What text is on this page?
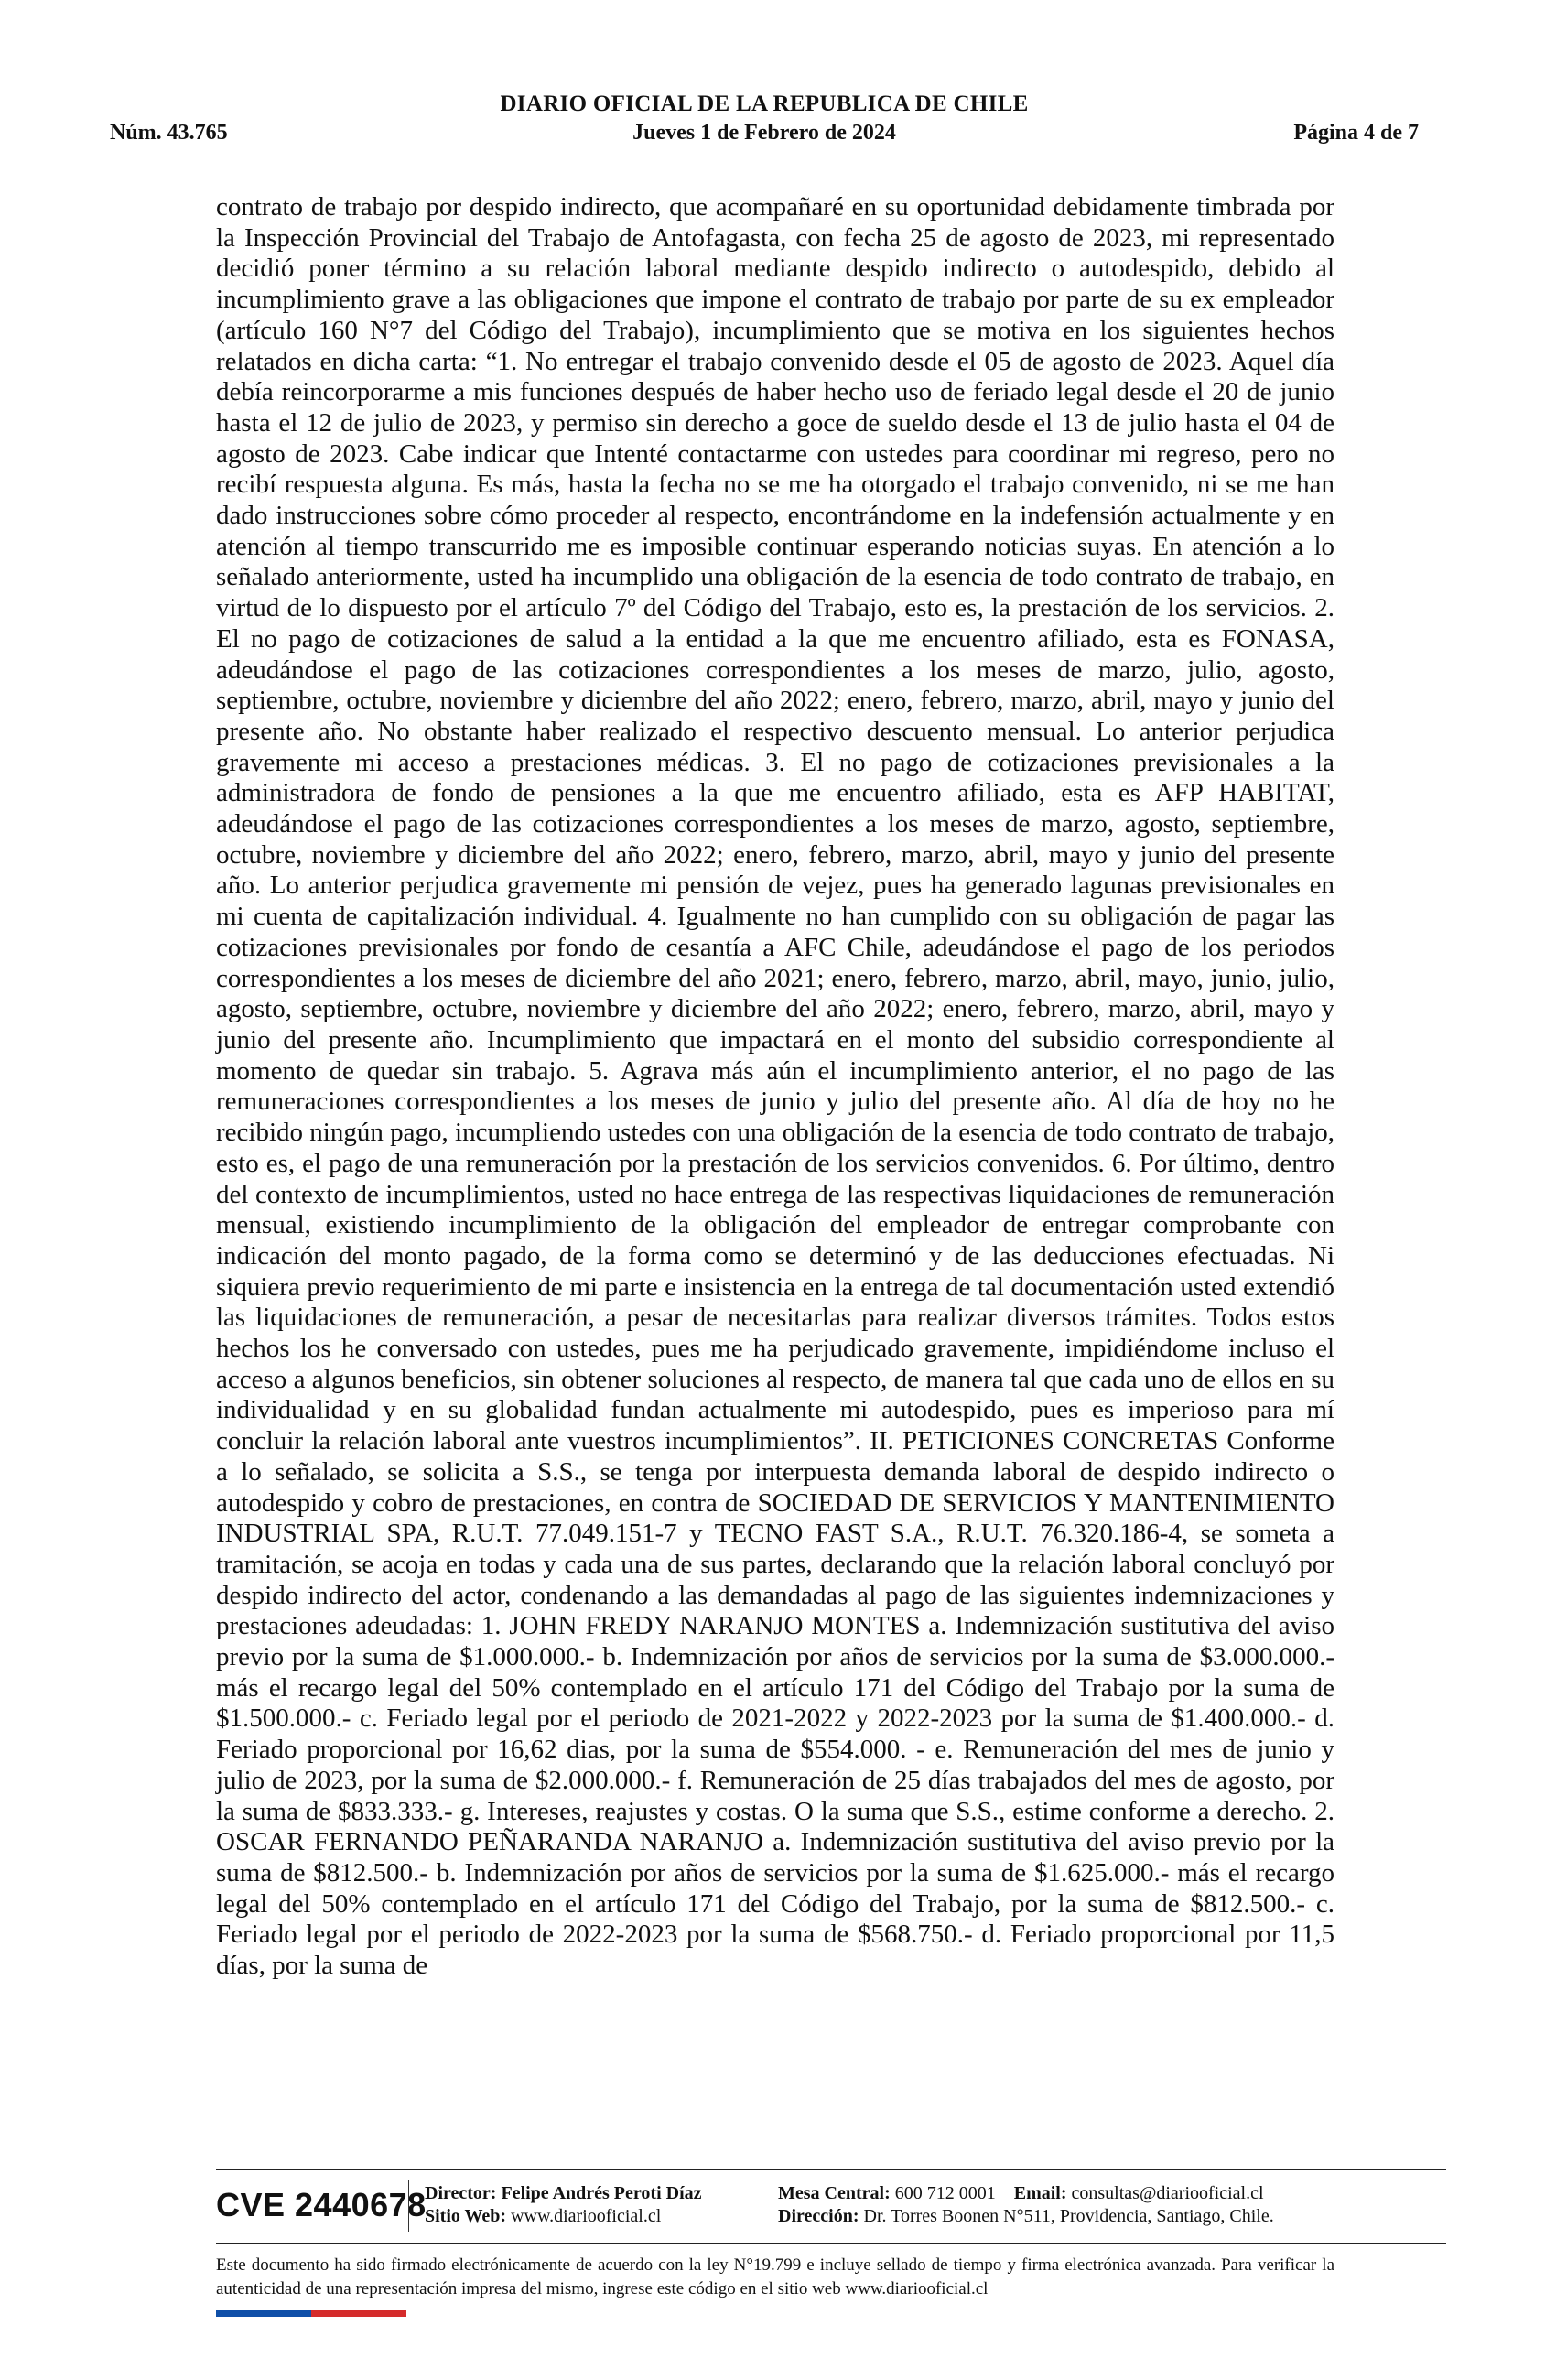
DIARIO OFICIAL DE LA REPUBLICA DE CHILE
Núm. 43.765	Jueves 1 de Febrero de 2024	Página 4 de 7

contrato de trabajo por despido indirecto, que acompañaré en su oportunidad debidamente timbrada por la Inspección Provincial del Trabajo de Antofagasta, con fecha 25 de agosto de 2023, mi representado decidió poner término a su relación laboral mediante despido indirecto o autodespido, debido al incumplimiento grave a las obligaciones que impone el contrato de trabajo por parte de su ex empleador (artículo 160 N°7 del Código del Trabajo), incumplimiento que se motiva en los siguientes hechos relatados en dicha carta: “1. No entregar el trabajo convenido desde el 05 de agosto de 2023. Aquel día debía reincorporarme a mis funciones después de haber hecho uso de feriado legal desde el 20 de junio hasta el 12 de julio de 2023, y permiso sin derecho a goce de sueldo desde el 13 de julio hasta el 04 de agosto de 2023. Cabe indicar que Intenté contactarme con ustedes para coordinar mi regreso, pero no recibí respuesta alguna. Es más, hasta la fecha no se me ha otorgado el trabajo convenido, ni se me han dado instrucciones sobre cómo proceder al respecto, encontrándome en la indefensión actualmente y en atención al tiempo transcurrido me es imposible continuar esperando noticias suyas. En atención a lo señalado anteriormente, usted ha incumplido una obligación de la esencia de todo contrato de trabajo, en virtud de lo dispuesto por el artículo 7º del Código del Trabajo, esto es, la prestación de los servicios. 2. El no pago de cotizaciones de salud a la entidad a la que me encuentro afiliado, esta es FONASA, adeudándose el pago de las cotizaciones correspondientes a los meses de marzo, julio, agosto, septiembre, octubre, noviembre y diciembre del año 2022; enero, febrero, marzo, abril, mayo y junio del presente año. No obstante haber realizado el respectivo descuento mensual. Lo anterior perjudica gravemente mi acceso a prestaciones médicas. 3. El no pago de cotizaciones previsionales a la administradora de fondo de pensiones a la que me encuentro afiliado, esta es AFP HABITAT, adeudándose el pago de las cotizaciones correspondientes a los meses de marzo, agosto, septiembre, octubre, noviembre y diciembre del año 2022; enero, febrero, marzo, abril, mayo y junio del presente año. Lo anterior perjudica gravemente mi pensión de vejez, pues ha generado lagunas previsionales en mi cuenta de capitalización individual. 4. Igualmente no han cumplido con su obligación de pagar las cotizaciones previsionales por fondo de cesantía a AFC Chile, adeudándose el pago de los periodos correspondientes a los meses de diciembre del año 2021; enero, febrero, marzo, abril, mayo, junio, julio, agosto, septiembre, octubre, noviembre y diciembre del año 2022; enero, febrero, marzo, abril, mayo y junio del presente año. Incumplimiento que impactará en el monto del subsidio correspondiente al momento de quedar sin trabajo. 5. Agrava más aún el incumplimiento anterior, el no pago de las remuneraciones correspondientes a los meses de junio y julio del presente año. Al día de hoy no he recibido ningún pago, incumpliendo ustedes con una obligación de la esencia de todo contrato de trabajo, esto es, el pago de una remuneración por la prestación de los servicios convenidos. 6. Por último, dentro del contexto de incumplimientos, usted no hace entrega de las respectivas liquidaciones de remuneración mensual, existiendo incumplimiento de la obligación del empleador de entregar comprobante con indicación del monto pagado, de la forma como se determinó y de las deducciones efectuadas. Ni siquiera previo requerimiento de mi parte e insistencia en la entrega de tal documentación usted extendió las liquidaciones de remuneración, a pesar de necesitarlas para realizar diversos trámites. Todos estos hechos los he conversado con ustedes, pues me ha perjudicado gravemente, impidiéndome incluso el acceso a algunos beneficios, sin obtener soluciones al respecto, de manera tal que cada uno de ellos en su individualidad y en su globalidad fundan actualmente mi autodespido, pues es imperioso para mí concluir la relación laboral ante vuestros incumplimientos”. II. PETICIONES CONCRETAS Conforme a lo señalado, se solicita a S.S., se tenga por interpuesta demanda laboral de despido indirecto o autodespido y cobro de prestaciones, en contra de SOCIEDAD DE SERVICIOS Y MANTENIMIENTO INDUSTRIAL SPA, R.U.T. 77.049.151-7 y TECNO FAST S.A., R.U.T. 76.320.186-4, se someta a tramitación, se acoja en todas y cada una de sus partes, declarando que la relación laboral concluyó por despido indirecto del actor, condenando a las demandadas al pago de las siguientes indemnizaciones y prestaciones adeudadas: 1. JOHN FREDY NARANJO MONTES a. Indemnización sustitutiva del aviso previo por la suma de $1.000.000.- b. Indemnización por años de servicios por la suma de $3.000.000.- más el recargo legal del 50% contemplado en el artículo 171 del Código del Trabajo por la suma de $1.500.000.- c. Feriado legal por el periodo de 2021-2022 y 2022-2023 por la suma de $1.400.000.- d. Feriado proporcional por 16,62 dias, por la suma de $554.000. - e. Remuneración del mes de junio y julio de 2023, por la suma de $2.000.000.- f. Remuneración de 25 días trabajados del mes de agosto, por la suma de $833.333.- g. Intereses, reajustes y costas. O la suma que S.S., estime conforme a derecho. 2. OSCAR FERNANDO PEÑARANDA NARANJO a. Indemnización sustitutiva del aviso previo por la suma de $812.500.- b. Indemnización por años de servicios por la suma de $1.625.000.- más el recargo legal del 50% contemplado en el artículo 171 del Código del Trabajo, por la suma de $812.500.- c. Feriado legal por el periodo de 2022-2023 por la suma de $568.750.- d. Feriado proporcional por 11,5 días, por la suma de

CVE 2440678
Director: Felipe Andrés Peroti Díaz
Sitio Web: www.diariooficial.cl
Mesa Central: 600 712 0001 Email: consultas@diariooficial.cl
Dirección: Dr. Torres Boonen N°511, Providencia, Santiago, Chile.

Este documento ha sido firmado electrónicamente de acuerdo con la ley N°19.799 e incluye sellado de tiempo y firma electrónica avanzada. Para verificar la autenticidad de una representación impresa del mismo, ingrese este código en el sitio web www.diariooficial.cl
